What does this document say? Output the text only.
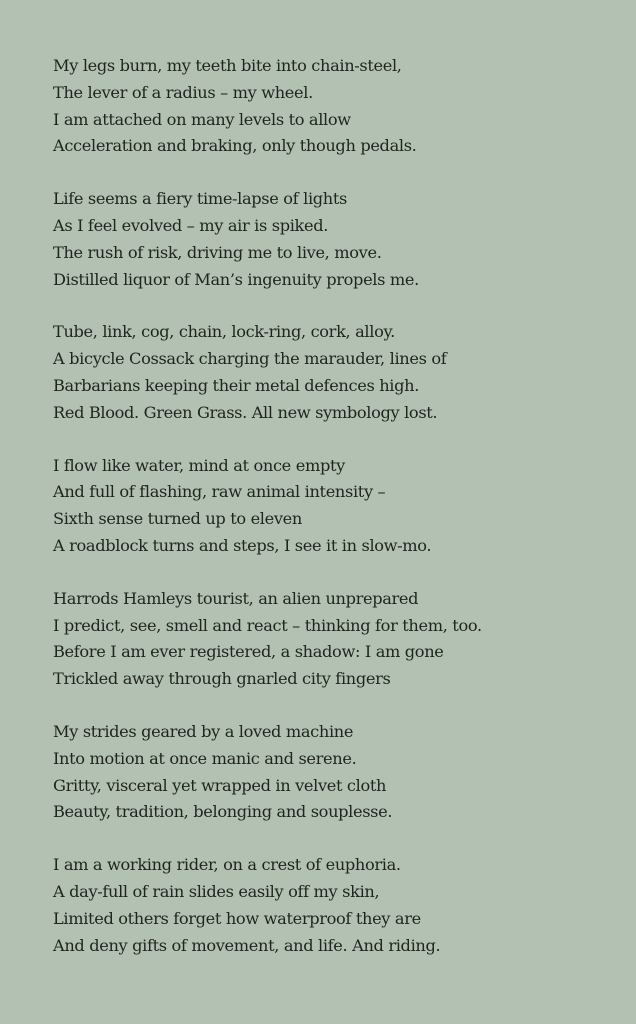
My legs burn, my teeth bite into chain-steel,
The lever of a radius – my wheel.
I am attached on many levels to allow
Acceleration and braking, only though pedals.
Life seems a fiery time-lapse of lights
As I feel evolved – my air is spiked.
The rush of risk, driving me to live, move.
Distilled liquor of Man’s ingenuity propels me.
Tube, link, cog, chain, lock-ring, cork, alloy.
A bicycle Cossack charging the marauder, lines of
Barbarians keeping their metal defences high.
Red Blood. Green Grass. All new symbology lost.
I flow like water, mind at once empty
And full of flashing, raw animal intensity –
Sixth sense turned up to eleven
A roadblock turns and steps, I see it in slow-mo.
Harrods Hamleys tourist, an alien unprepared
I predict, see, smell and react – thinking for them, too.
Before I am ever registered, a shadow: I am gone
Trickled away through gnarled city fingers
My strides geared by a loved machine
Into motion at once manic and serene.
Gritty, visceral yet wrapped in velvet cloth
Beauty, tradition, belonging and souplesse.
I am a working rider, on a crest of euphoria.
A day-full of rain slides easily off my skin,
Limited others forget how waterproof they are
And deny gifts of movement, and life. And riding.
